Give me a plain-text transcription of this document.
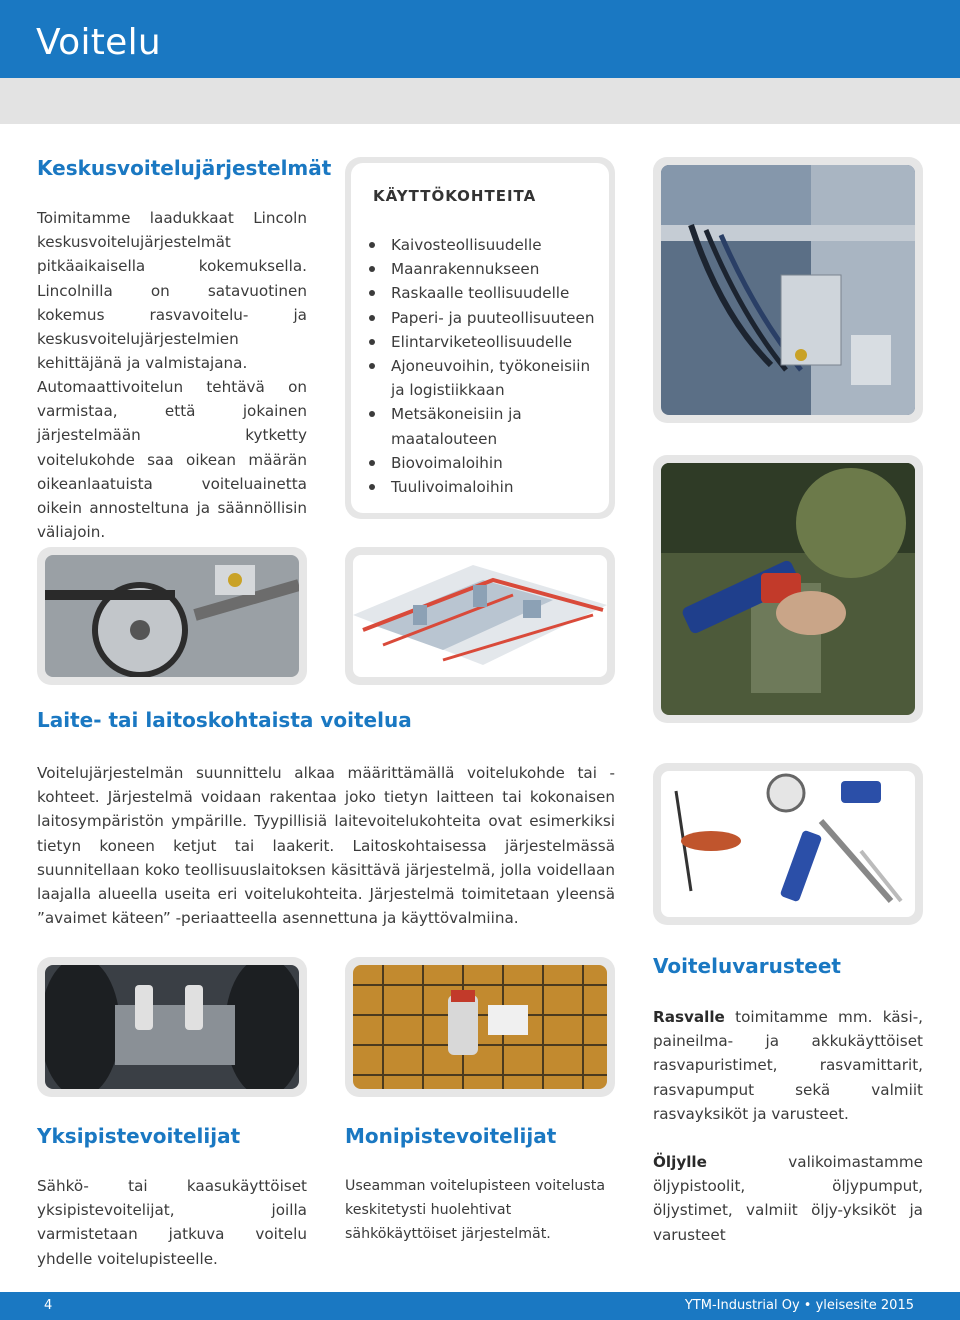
Voitelu
Keskusvoitelujärjestelmät

Toimitamme laadukkaat Lincoln keskusvoitelujärjestelmät pitkäaikaisella kokemuksella. Lincolnilla on satavuotinen kokemus rasvavoitelu- ja keskusvoitelujärjestelmien kehittäjänä ja valmistajana.

Automaattivoitelun tehtävä on varmistaa, että jokainen järjestelmään kytketty voitelukohde saa oikean määrän oikeanlaatuista voiteluainetta oikein annosteltuna ja säännöllisin väliajoin.

KÄYTTÖKOHTEITA
Kaivosteollisuudelle
Maanrakennukseen
Raskaalle teollisuudelle
Paperi- ja puuteollisuuteen
Elintarviketeollisuudelle
Ajoneuvoihin, työkoneisiin ja logistiikkaan
Metsäkoneisiin ja maatalouteen
Biovoimaloihin
Tuulivoimaloihin
Laite- tai laitoskohtaista voitelua

Voitelujärjestelmän suunnittelu alkaa määrittämällä voitelukohde tai -kohteet. Järjestelmä voidaan rakentaa joko tietyn laitteen tai kokonaisen laitosympäristön ympärille. Tyypillisiä laitevoitelukohteita ovat esimerkiksi tietyn koneen ketjut tai laakerit. Laitoskohtaisessa järjestelmässä suunnitellaan koko teollisuuslaitoksen käsittävä järjestelmä, jolla voidellaan laajalla alueella useita eri voitelukohteita. Järjestelmä toimitetaan yleensä ”avaimet käteen” -periaatteella asennettuna ja käyttövalmiina.

Voiteluvarusteet

Rasvalle toimitamme mm. käsi-, paineilma- ja akkukäyttöiset rasvapuristimet, rasvamittarit, rasvapumput sekä valmiit rasvayksiköt ja varusteet.

Öljylle	valikoimastamme öljypistoolit, öljypumput, öljystimet, valmiit öljy-yksiköt ja varusteet

Yksipistevoitelijat

Sähkö- tai kaasukäyttöiset yksipistevoitelijat, joilla varmistetaan jatkuva voitelu yhdelle voitelupisteelle.

Monipistevoitelijat

Useamman voitelupisteen voitelusta keskitetysti huolehtivat sähkökäyttöiset järjestelmät.

4	YTM-Industrial Oy • yleisesite 2015
